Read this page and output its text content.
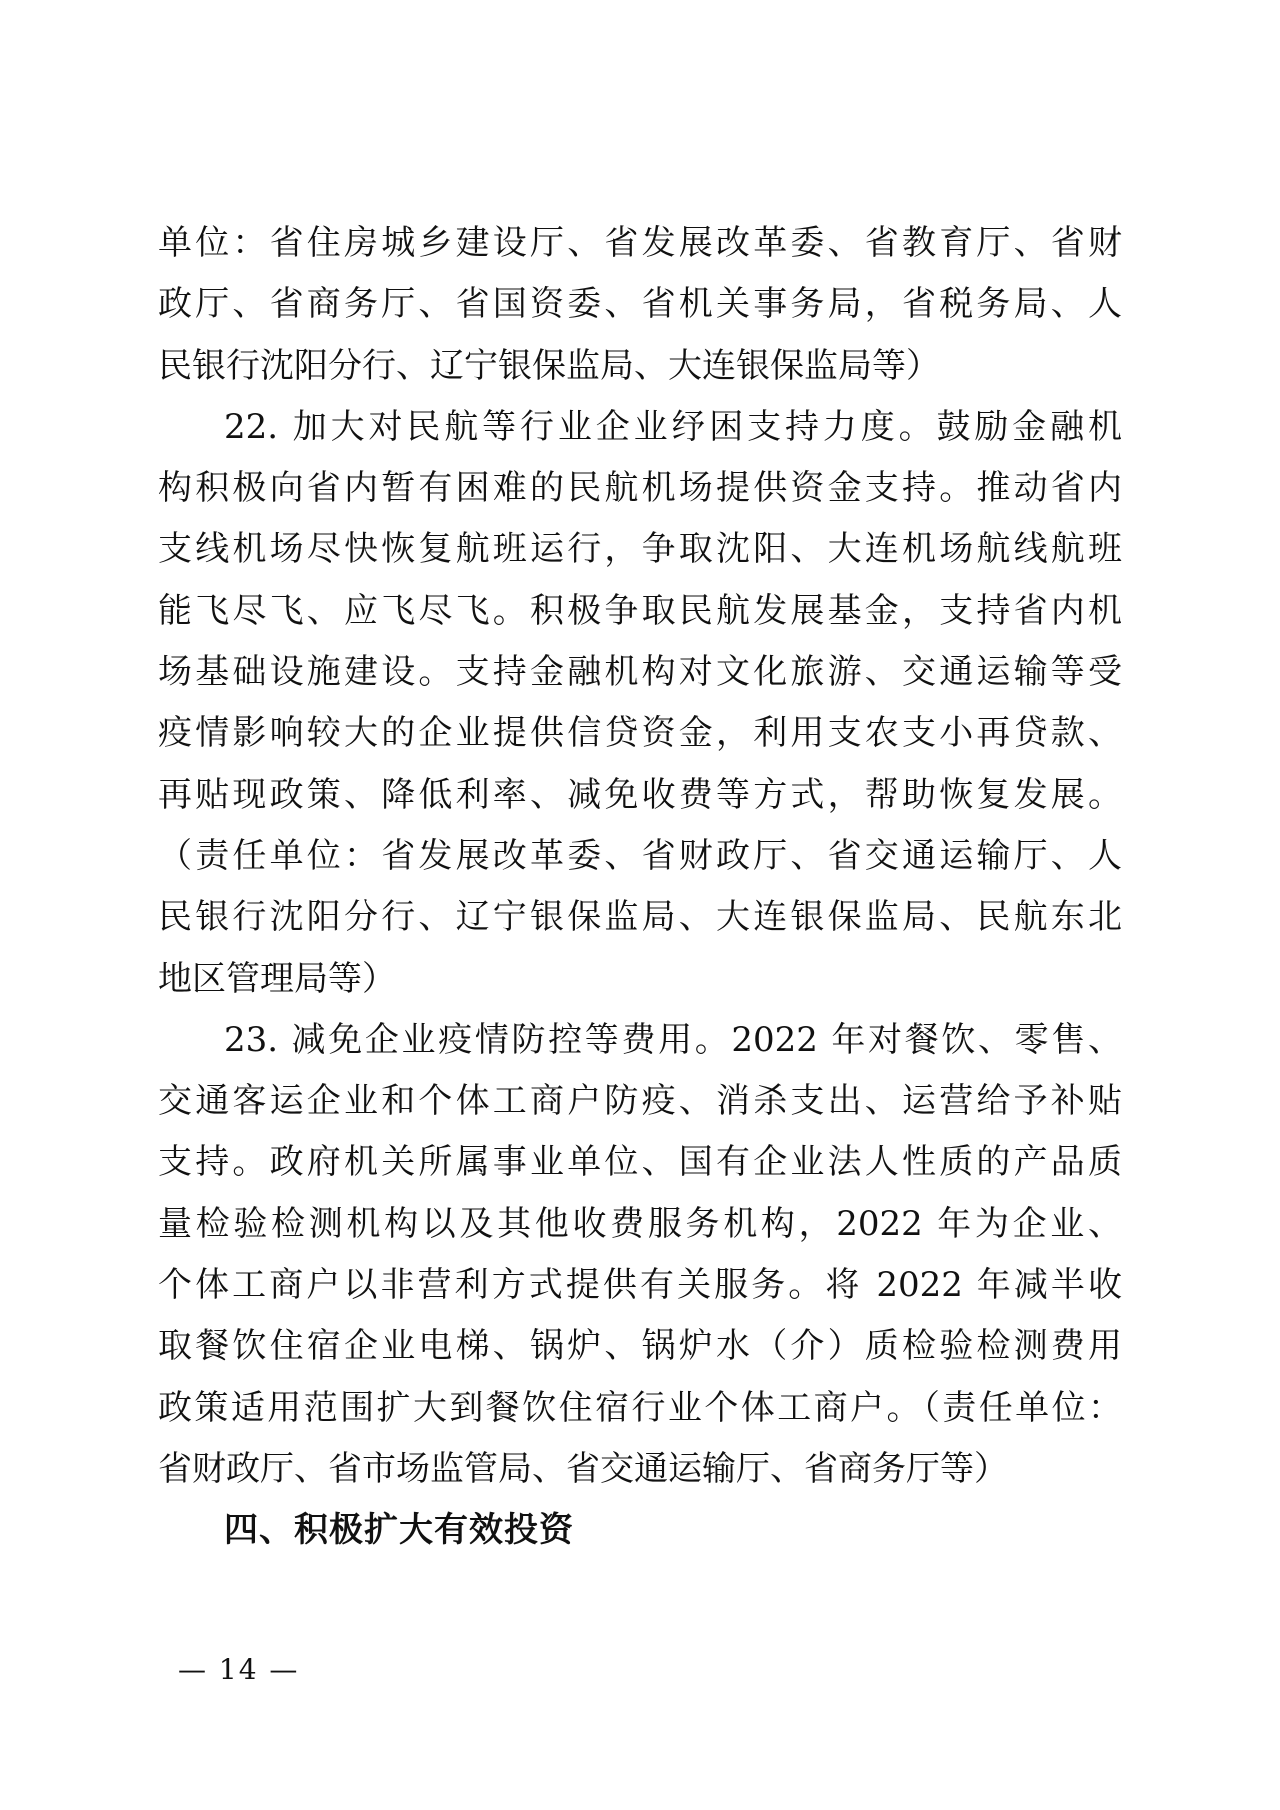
单位：省住房城乡建设厅、省发展改革委、省教育厅、省财
政厅、省商务厅、省国资委、省机关事务局，省税务局、人
民银行沈阳分行、辽宁银保监局、大连银保监局等）
22. 加大对民航等行业企业纾困支持力度。鼓励金融机
构积极向省内暂有困难的民航机场提供资金支持。推动省内
支线机场尽快恢复航班运行，争取沈阳、大连机场航线航班
能飞尽飞、应飞尽飞。积极争取民航发展基金，支持省内机
场基础设施建设。支持金融机构对文化旅游、交通运输等受
疫情影响较大的企业提供信贷资金，利用支农支小再贷款、
再贴现政策、降低利率、减免收费等方式，帮助恢复发展。
（责任单位：省发展改革委、省财政厅、省交通运输厅、人
民银行沈阳分行、辽宁银保监局、大连银保监局、民航东北
地区管理局等）
23. 减免企业疫情防控等费用。2022 年对餐饮、零售、
交通客运企业和个体工商户防疫、消杀支出、运营给予补贴
支持。政府机关所属事业单位、国有企业法人性质的产品质
量检验检测机构以及其他收费服务机构，2022 年为企业、
个体工商户以非营利方式提供有关服务。将 2022 年减半收
取餐饮住宿企业电梯、锅炉、锅炉水（介）质检验检测费用
政策适用范围扩大到餐饮住宿行业个体工商户。（责任单位：
省财政厅、省市场监管局、省交通运输厅、省商务厅等）
四、积极扩大有效投资
— 14 —
